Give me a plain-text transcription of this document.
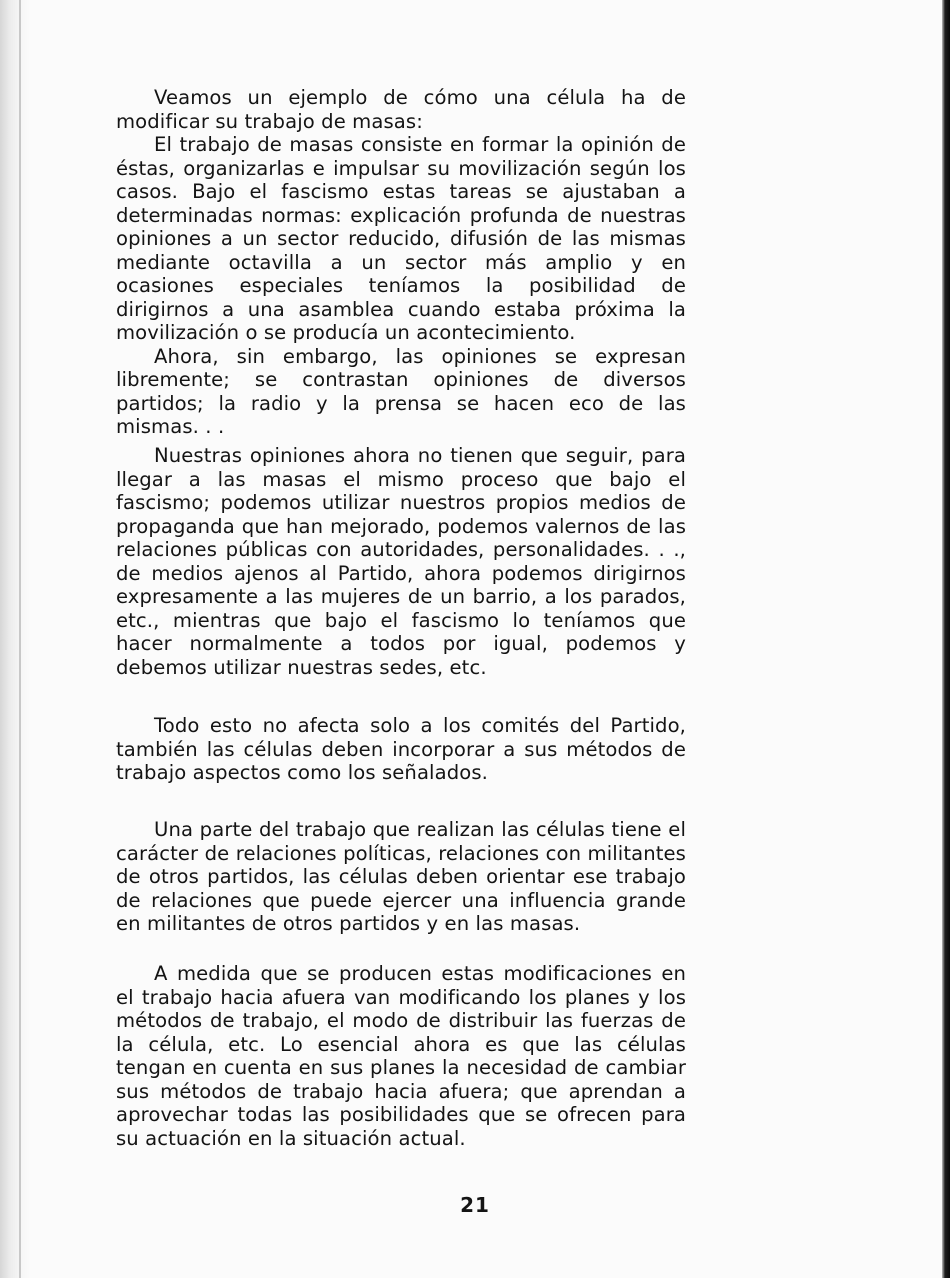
Veamos un ejemplo de cómo una célula ha de modificar su trabajo de masas:

El trabajo de masas consiste en formar la opinión de éstas, organizarlas e impulsar su movilización según los casos. Bajo el fascismo estas tareas se ajustaban a determinadas normas: explicación profunda de nuestras opiniones a un sector reducido, difusión de las mismas mediante octavilla a un sector más amplio y en ocasiones especiales teníamos la posibilidad de dirigirnos a una asamblea cuando estaba próxima la movilización o se producía un acontecimiento.

Ahora, sin embargo, las opiniones se expresan libremente; se contrastan opiniones de diversos partidos; la radio y la prensa se hacen eco de las mismas. . .

Nuestras opiniones ahora no tienen que seguir, para llegar a las masas el mismo proceso que bajo el fascismo; podemos utilizar nuestros propios medios de propaganda que han mejorado, podemos valernos de las relaciones públicas con autoridades, personalidades. . ., de medios ajenos al Partido, ahora podemos dirigirnos expresamente a las mujeres de un barrio, a los parados, etc., mientras que bajo el fascismo lo teníamos que hacer normalmente a todos por igual, podemos y debemos utilizar nuestras sedes, etc.

Todo esto no afecta solo a los comités del Partido, también las células deben incorporar a sus métodos de trabajo aspectos como los señalados.

Una parte del trabajo que realizan las células tiene el carácter de relaciones políticas, relaciones con militantes de otros partidos, las células deben orientar ese trabajo de relaciones que puede ejercer una influencia grande en militantes de otros partidos y en las masas.

A medida que se producen estas modificaciones en el trabajo hacia afuera van modificando los planes y los métodos de trabajo, el modo de distribuir las fuerzas de la célula, etc. Lo esencial ahora es que las células tengan en cuenta en sus planes la necesidad de cambiar sus métodos de trabajo hacia afuera; que aprendan a aprovechar todas las posibilidades que se ofrecen para su actuación en la situación actual.

21
